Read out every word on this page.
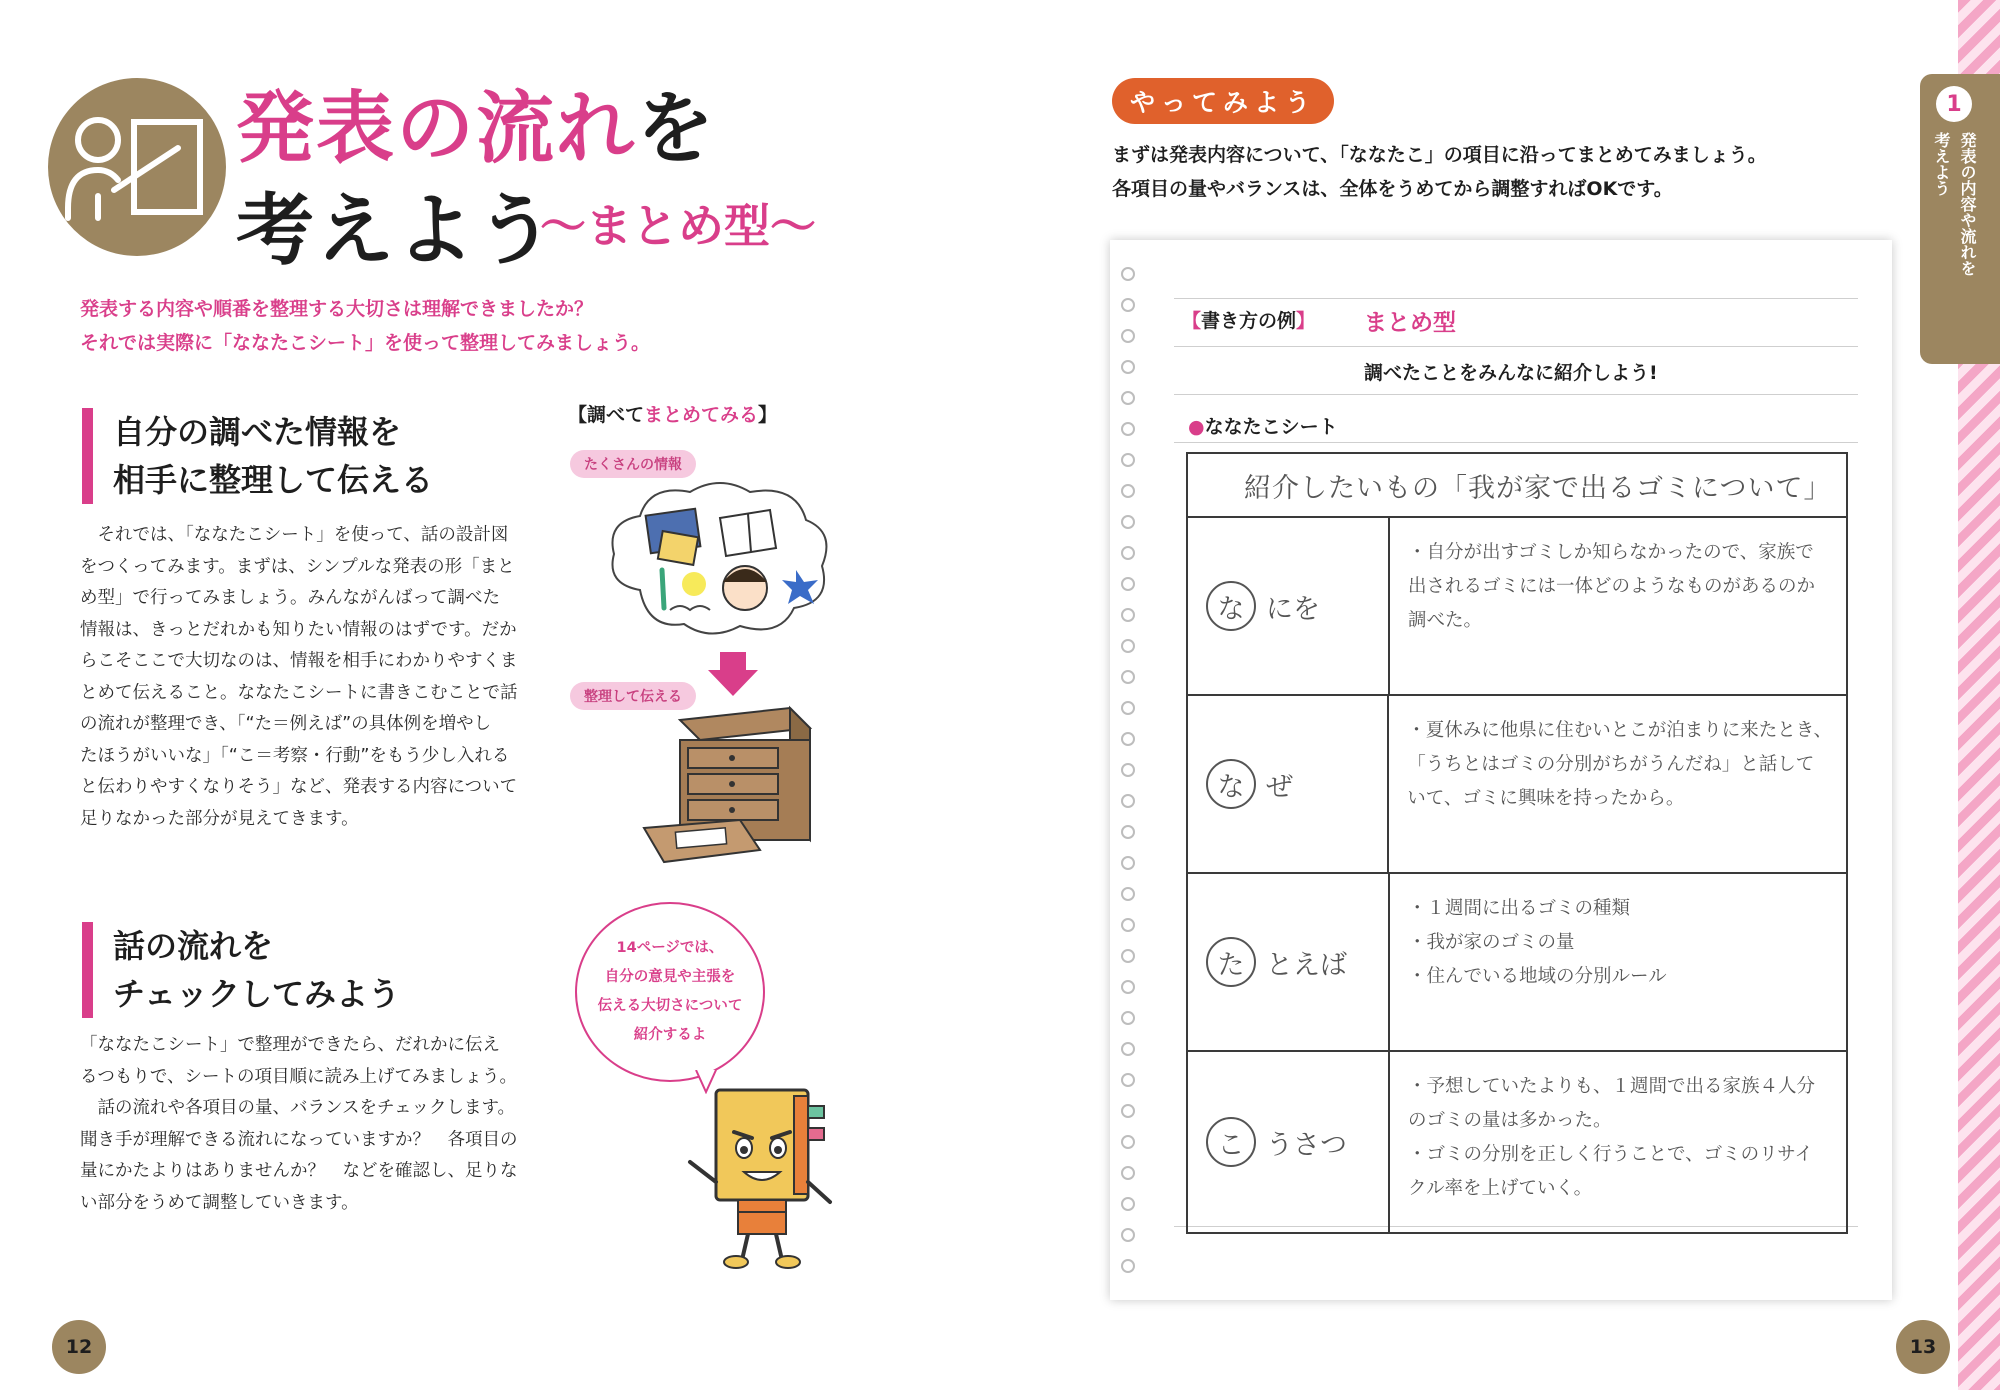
発表の流れを
考えよう
〜まとめ型〜
発表する内容や順番を整理する大切さは理解できましたか？
それでは実際に「ななたこシート」を使って整理してみましょう。
自分の調べた情報を
相手に整理して伝える
　それでは、「ななたこシート」を使って、話の設計図
をつくってみます。まずは、シンプルな発表の形「まと
め型」で行ってみましょう。みんながんばって調べた
情報は、きっとだれかも知りたい情報のはずです。だか
らこそここで大切なのは、情報を相手にわかりやすくま
とめて伝えること。ななたこシートに書きこむことで話
の流れが整理でき、「“た＝例えば”の具体例を増やし
たほうがいいな」「“こ＝考察・行動”をもう少し入れる
と伝わりやすくなりそう」など、発表する内容について
足りなかった部分が見えてきます。
【調べてまとめてみる】
たくさんの情報
整理して伝える
話の流れを
チェックしてみよう
「ななたこシート」で整理ができたら、だれかに伝え
るつもりで、シートの項目順に読み上げてみましょう。
　話の流れや各項目の量、バランスをチェックします。
聞き手が理解できる流れになっていますか？　各項目の
量にかたよりはありませんか？　などを確認し、足りな
い部分をうめて調整していきます。
14ページでは、
自分の意見や主張を
伝える大切さについて
紹介するよ
12
やってみよう
まずは発表内容について、「ななたこ」の項目に沿ってまとめてみましょう。
各項目の量やバランスは、全体をうめてから調整すればOKです。
【書き方の例】 まとめ型
調べたことをみんなに紹介しよう!
●ななたこシート
紹介したいもの「我が家で出るゴミについて」
な にを
・自分が出すゴミしか知らなかったので、家族で
出されるゴミには一体どのようなものがあるのか
調べた。
な ぜ
・夏休みに他県に住むいとこが泊まりに来たとき、
「うちとはゴミの分別がちがうんだね」と話して
いて、ゴミに興味を持ったから。
た とえば
・１週間に出るゴミの種類
・我が家のゴミの量
・住んでいる地域の分別ルール
こ うさつ
・予想していたよりも、１週間で出る家族４人分
のゴミの量は多かった。
・ゴミの分別を正しく行うことで、ゴミのリサイ
クル率を上げていく。
1
発表の内容や流れを
考えよう
13
